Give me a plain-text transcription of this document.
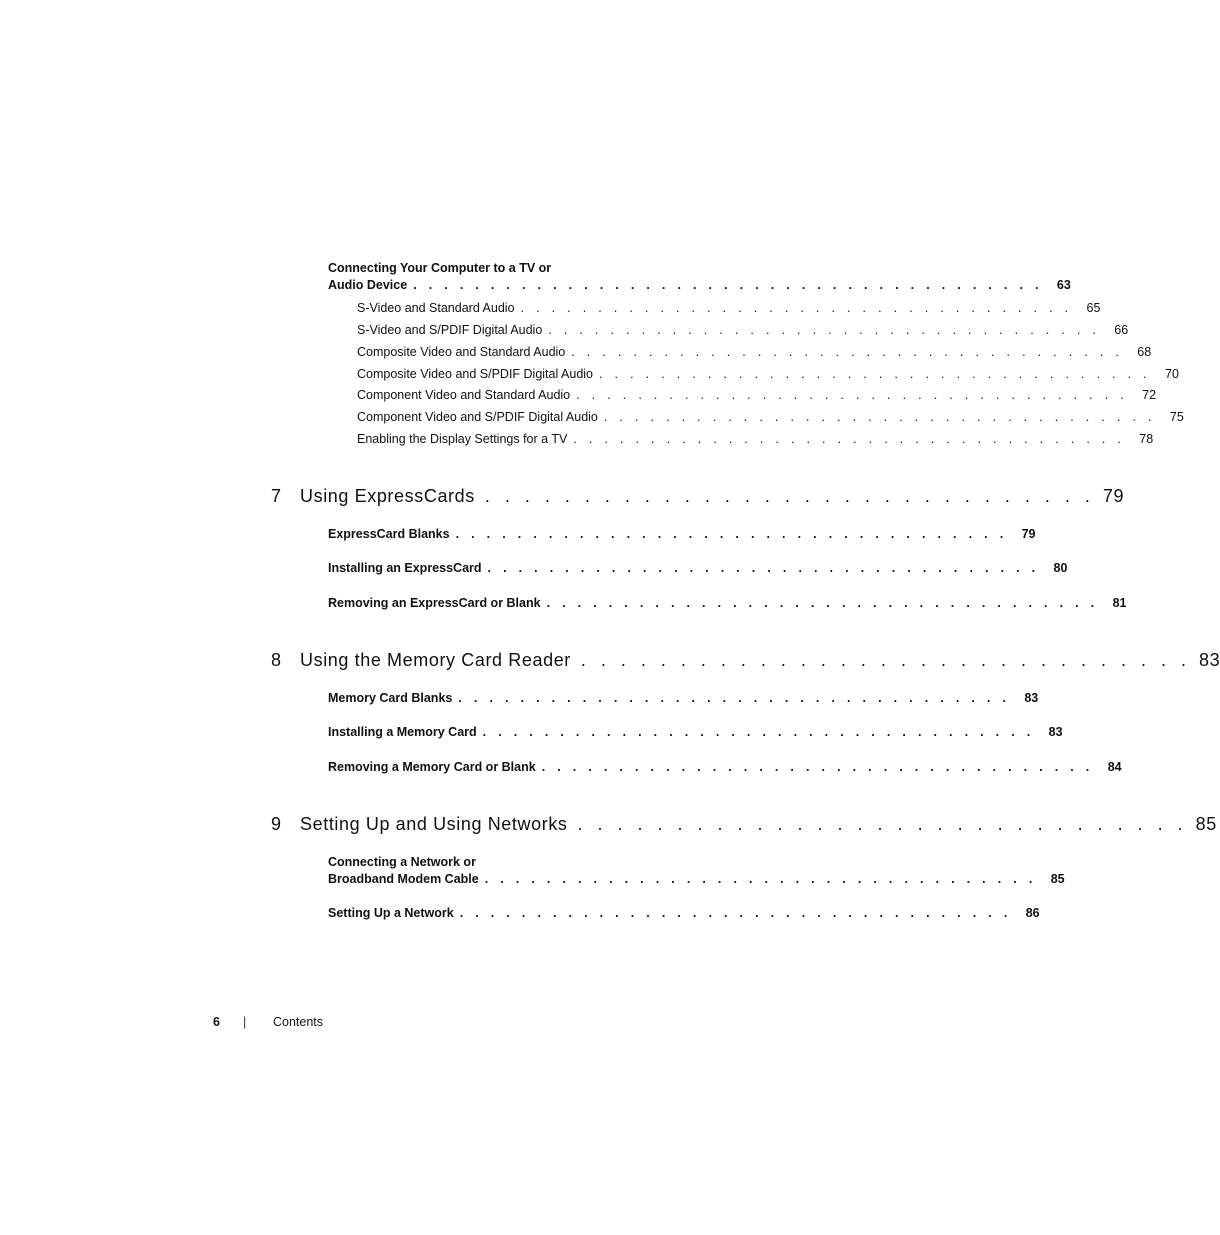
Connecting Your Computer to a TV or
Audio Device . . . . . . . . . . . . . . . . . . . . . . . . . . . . . . . . . . . . . . . . . 63
S-Video and Standard Audio . . . . . . . . . . . . . . . . . . . . . . . . . . . . . . . . . . . . 65
S-Video and S/PDIF Digital Audio . . . . . . . . . . . . . . . . . . . . . . . . . . . . . . . . . . . . 66
Composite Video and Standard Audio . . . . . . . . . . . . . . . . . . . . . . . . . . . . . . . . . . . . 68
Composite Video and S/PDIF Digital Audio . . . . . . . . . . . . . . . . . . . . . . . . . . . . . . . . . . . . 70
Component Video and Standard Audio . . . . . . . . . . . . . . . . . . . . . . . . . . . . . . . . . . . . 72
Component Video and S/PDIF Digital Audio . . . . . . . . . . . . . . . . . . . . . . . . . . . . . . . . . . . . 75
Enabling the Display Settings for a TV . . . . . . . . . . . . . . . . . . . . . . . . . . . . . . . . . . . . 78
7	Using ExpressCards . . . . . . . . . . . . . . . . . . . . . . . . . . . . . . . 79
ExpressCard Blanks . . . . . . . . . . . . . . . . . . . . . . . . . . . . . . . . . . . . 79
Installing an ExpressCard . . . . . . . . . . . . . . . . . . . . . . . . . . . . . . . . . . . . 80
Removing an ExpressCard or Blank . . . . . . . . . . . . . . . . . . . . . . . . . . . . . . . . . . . . 81
8	Using the Memory Card Reader . . . . . . . . . . . . . . . . . . . . . . . . . . . . . . . 83
Memory Card Blanks . . . . . . . . . . . . . . . . . . . . . . . . . . . . . . . . . . . . 83
Installing a Memory Card . . . . . . . . . . . . . . . . . . . . . . . . . . . . . . . . . . . . 83
Removing a Memory Card or Blank . . . . . . . . . . . . . . . . . . . . . . . . . . . . . . . . . . . . 84
9	Setting Up and Using Networks . . . . . . . . . . . . . . . . . . . . . . . . . . . . . . . 85
Connecting a Network or
Broadband Modem Cable . . . . . . . . . . . . . . . . . . . . . . . . . . . . . . . . . . . . 85
Setting Up a Network . . . . . . . . . . . . . . . . . . . . . . . . . . . . . . . . . . . . 86
6	|	Contents
